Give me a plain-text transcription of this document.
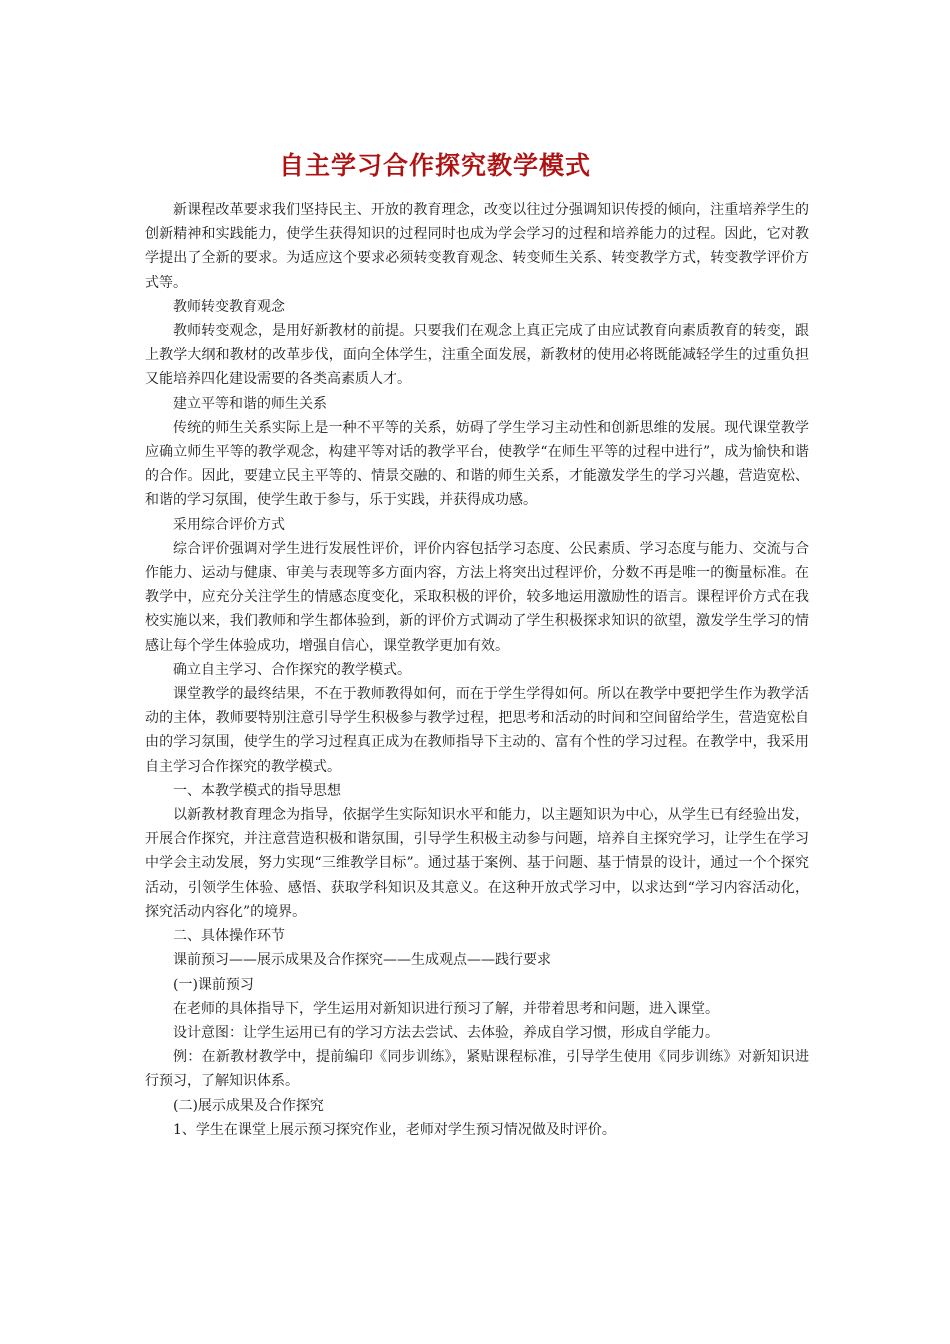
自主学习合作探究教学模式

新课程改革要求我们坚持民主、开放的教育理念，改变以往过分强调知识传授的倾向，注重培养学生的创新精神和实践能力，使学生获得知识的过程同时也成为学会学习的过程和培养能力的过程。因此，它对教学提出了全新的要求。为适应这个要求必须转变教育观念、转变师生关系、转变教学方式，转变教学评价方式等。

教师转变教育观念

教师转变观念，是用好新教材的前提。只要我们在观念上真正完成了由应试教育向素质教育的转变，跟上教学大纲和教材的改革步伐，面向全体学生，注重全面发展，新教材的使用必将既能减轻学生的过重负担又能培养四化建设需要的各类高素质人才。

建立平等和谐的师生关系

传统的师生关系实际上是一种不平等的关系，妨碍了学生学习主动性和创新思维的发展。现代课堂教学应确立师生平等的教学观念，构建平等对话的教学平台，使教学“在师生平等的过程中进行”，成为愉快和谐的合作。因此，要建立民主平等的、情景交融的、和谐的师生关系，才能激发学生的学习兴趣，营造宽松、和谐的学习氛围，使学生敢于参与，乐于实践，并获得成功感。

采用综合评价方式

综合评价强调对学生进行发展性评价，评价内容包括学习态度、公民素质、学习态度与能力、交流与合作能力、运动与健康、审美与表现等多方面内容，方法上将突出过程评价，分数不再是唯一的衡量标准。在教学中，应充分关注学生的情感态度变化，采取积极的评价，较多地运用激励性的语言。课程评价方式在我校实施以来，我们教师和学生都体验到，新的评价方式调动了学生积极探求知识的欲望，激发学生学习的情感让每个学生体验成功，增强自信心，课堂教学更加有效。

确立自主学习、合作探究的教学模式。

课堂教学的最终结果，不在于教师教得如何，而在于学生学得如何。所以在教学中要把学生作为教学活动的主体，教师要特别注意引导学生积极参与教学过程，把思考和活动的时间和空间留给学生，营造宽松自由的学习氛围，使学生的学习过程真正成为在教师指导下主动的、富有个性的学习过程。在教学中，我采用自主学习合作探究的教学模式。

一、本教学模式的指导思想

以新教材教育理念为指导，依据学生实际知识水平和能力，以主题知识为中心，从学生已有经验出发，开展合作探究，并注意营造积极和谐氛围，引导学生积极主动参与问题，培养自主探究学习，让学生在学习中学会主动发展，努力实现“三维教学目标”。通过基于案例、基于问题、基于情景的设计，通过一个个探究活动，引领学生体验、感悟、获取学科知识及其意义。在这种开放式学习中，以求达到“学习内容活动化，探究活动内容化”的境界。

二、具体操作环节

课前预习——展示成果及合作探究——生成观点——践行要求

(一)课前预习

在老师的具体指导下，学生运用对新知识进行预习了解，并带着思考和问题，进入课堂。

设计意图：让学生运用已有的学习方法去尝试、去体验，养成自学习惯，形成自学能力。

例：在新教材教学中，提前编印《同步训练》，紧贴课程标准，引导学生使用《同步训练》对新知识进行预习，了解知识体系。

(二)展示成果及合作探究

1、学生在课堂上展示预习探究作业，老师对学生预习情况做及时评价。
